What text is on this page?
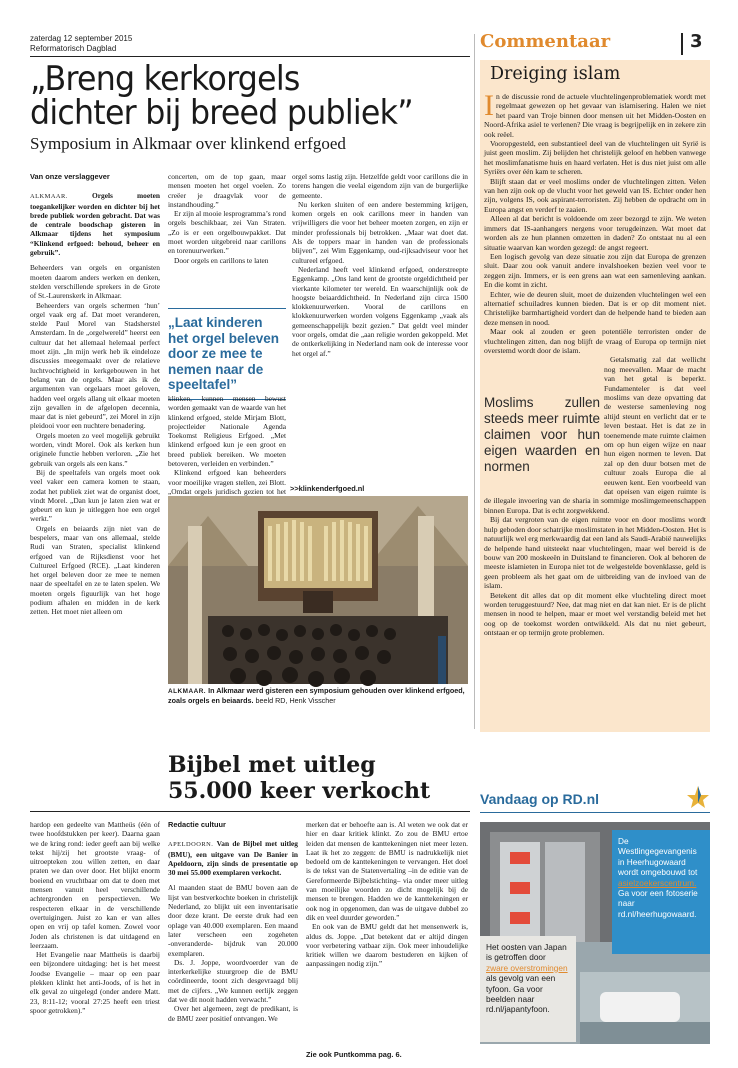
zaterdag 12 september 2015
Reformatorisch Dagblad
„Breng kerkorgels
dichter bij breed publiek”
Symposium in Alkmaar over klinkend erfgoed
Van onze verslaggever

ALKMAAR.	Orgels moeten toegankelijker worden en dichter bij het brede publiek worden gebracht. Dat was de centrale boodschap gisteren in Alkmaar tijdens het symposium “Klinkend erfgoed: behoud, beheer en gebruik”.

Beheerders van orgels en organisten moeten daarom anders werken en denken, stelden verschillende sprekers in de Grote of St.-Laurenskerk in Alkmaar.

Beheerders van orgels schermen ‘hun’ orgel vaak erg af. Dat moet veranderen, stelde Paul Morel van Stadsherstel Amsterdam. In de „orgelwereld” heerst een cultuur dat het allemaal helemaal perfect moet zijn. „In mijn werk heb ik eindeloze discussies meegemaakt over de relatieve luchtvochtigheid in kerkgebouwen in het belang van de orgels. Maar als ik de argumenten van orgelaars moet geloven, hadden veel orgels allang uit elkaar moeten zijn gevallen in de afgelopen decennia, maar dat is niet gebeurd”, zei Morel in zijn pleidooi voor een nuchtere benadering.

Orgels moeten zo veel mogelijk gebruikt worden, vindt Morel. Ook als kerken hun originele functie hebben verloren. „Zie het gebruik van orgels als een kans.”

Bij de speeltafels van orgels moet ook veel vaker een camera komen te staan, zodat het publiek ziet wat de organist doet, vindt Morel. „Dan kun je laten zien wat er gebeurt en kun je uitleggen hoe een orgel werkt.”

Orgels en beiaards zijn niet van de bespelers, maar van ons allemaal, stelde Rudi van Straten, specialist klinkend erfgoed van de Rijksdienst voor het Cultureel Erfgoed (RCE). „Laat kinderen het orgel beleven door ze mee te nemen naar de speeltafel en ze te laten spelen. We moeten orgels figuurlijk van het hoge podium afhalen en midden in de kerk zetten. Het moet niet alleen om

concerten, om de top gaan, maar mensen moeten het orgel voelen. Zo creëer je draagvlak voor de instandhouding.”

Er zijn al mooie lesprogramma’s rond orgels beschikbaar, zei Van Straten. „Zo is er een orgelbouwpakket. Dat moet worden uitgebreid naar carillons en torenuurwerken.”

Door orgels en carillons te laten

„Laat kinderen het orgel beleven door ze mee te nemen naar de speeltafel”

klinken, kunnen mensen bewust worden gemaakt van de waarde van het klinkend erfgoed, stelde Mirjam Blott, projectleider Nationale Agenda Toekomst Religieus Erfgoed. „Met klinkend erfgoed kun je een groot en breed publiek bereiken. We moeten betoveren, verleiden en verbinden.”

Klinkend erfgoed kan beheerders voor moeilijke vragen stellen, zei Blott. „Omdat orgels juridisch gezien tot het

orgel soms lastig zijn. Hetzelfde geldt voor carillons die in torens hangen die veelal eigendom zijn van de burgerlijke gemeente.

Nu kerken sluiten of een andere bestemming krijgen, komen orgels en ook carillons meer in handen van vrijwilligers die voor het beheer moeten zorgen, en zijn er minder professionals bij betrokken. „Maar wat doet dat. Als de toppers maar in handen van de professionals blijven”, zei Wim Eggenkamp, oud-rijksadviseur voor het cultureel erfgoed.

Nederland heeft veel klinkend erfgoed, onderstreepte Eggenkamp. „Ons land kent de grootste orgeldichtheid per vierkante kilometer ter wereld. En waarschijnlijk ook de hoogste beiaarddichtheid. In Nederland zijn circa 1500 klokkenuurwerken. Vooral de carillons en klokkenuurwerken worden volgens Eggenkamp „vaak als gemeenschappelijk bezit gezien.” Dat geldt veel minder voor orgels, omdat die „aan religie worden gekoppeld. Met de ontkerkelijking in Nederland nam ook de interesse voor het orgel af.”

>>klinkenderfgoed.nl
ALKMAAR. In Alkmaar werd gisteren een symposium gehouden over klinkend erfgoed, zoals orgels en beiaards. beeld RD, Henk Visscher
Commentaar	3
Dreiging islam

In de discussie rond de actuele vluchtelingenproblematiek wordt met regelmaat gewezen op het gevaar van islamisering. Halen we niet het paard van Troje binnen door mensen uit het Midden-Oosten en Noord-Afrika asiel te verlenen? Die vraag is begrijpelijk en in zekere zin ook reëel.

Vooropgesteld, een substantieel deel van de vluchtelingen uit Syrië is juist geen moslim. Zij belijden het christelijk geloof en hebben vanwege het moslimfanatisme huis en haard verlaten. Het is dus niet juist om alle Syriërs over één kam te scheren.

Blijft staan dat er veel moslims onder de vluchtelingen zitten. Velen van hen zijn ook op de vlucht voor het geweld van IS. Echter onder hen zijn, volgens IS, ook aspirant-terroristen. Zij hebben de opdracht om in Europa angst en verderf te zaaien.

Alleen al dat bericht is voldoende om zeer bezorgd te zijn. We weten immers dat IS-aanhangers nergens voor terugdeinzen. Wat moet dat worden als ze hun plannen omzetten in daden? Zo ontstaat nu al een situatie waarvan kan worden gezegd: de angst regeert.

Een logisch gevolg van deze situatie zou zijn dat Europa de grenzen sluit. Daar zou ook vanuit andere invalshoeken bezien veel voor te zeggen zijn. Immers, er is een grens aan wat een samenleving aankan. En die komt in zicht.

Echter, wie de deuren sluit, moet de duizenden vluchtelingen wel een alternatief schuiladres kunnen bieden. Dat is er op dit moment niet. Christelijke barmhartigheid vordert dan de helpende hand te bieden aan deze mensen in nood.

Maar ook al zouden er geen potentiële terroristen onder de vluchtelingen zitten, dan nog blijft de vraag of Europa op termijn niet overstemd wordt door de islam.

Moslims zullen steeds meer ruimte claimen voor hun eigen waarden en normen

Getalsmatig zal dat wellicht nog meevallen. Maar de macht van het getal is beperkt. Fundamenteler is dat veel moslims van deze opvatting dat de westerse samenleving nog altijd steunt en verlicht dat er te leven bestaat. Het is dat ze in toenemende mate ruimte claimen om op hun eigen wijze en naar hun eigen normen te leven. Dat zal op den duur botsen met de cultuur zoals Europa die al eeuwen kent. Een voorbeeld van dat opeisen van eigen ruimte is de illegale invoering van de sharia in sommige moslimgemeenschappen binnen Europa. Dat is echt zorgwekkend.

Bij dat vergroten van de eigen ruimte voor en door moslims wordt hulp geboden door schatrijke moslimstaten in het Midden-Oosten. Het is natuurlijk wel erg merkwaardig dat een land als Saudi-Arabië nauwelijks de helpende hand uitsteekt naar vluchtelingen, maar wel bereid is de bouw van 200 moskeeën in Duitsland te financieren. Ook al behoren de meeste islamieten in Europa niet tot de welgestelde bovenklasse, geld is geen probleem als het gaat om de uitbreiding van de invloed van de islam.

Betekent dit alles dat op dit moment elke vluchteling direct moet worden teruggestuurd? Nee, dat mag niet en dat kan niet. Er is de plicht mensen in nood te helpen, maar er moet wel verstandig beleid met het oog op de toekomst worden ontwikkeld. Als dat nu niet gebeurt, ontstaan er op termijn grote problemen.

Bijbel met uitleg
55.000 keer verkocht

hardop een gedeelte van Mattheüs (één of twee hoofdstukken per keer). Daarna gaan we de kring rond: ieder geeft aan bij welke tekst hij/zij het grootste vraag- of uitroepteken zou willen zetten, en daar praten we dan over door. Het blijkt enorm boeiend en vruchtbaar om dat te doen met mensen vanuit heel verschillende achtergronden en perspectieven. We respecteren elkaar in de verschillende overtuigingen. Juist zo kan er van alles open en vrij op tafel komen. Zowel voor Joden als christenen is dat uitdagend en leerzaam.

Het Evangelie naar Mattheüs is daarbij een bijzondere uitdaging: het is het meest Joodse Evangelie – maar op een paar plekken klinkt het anti-Joods, of is het in elk geval zo uitgelegd (onder andere Matt. 23, 8:11-12; vooral 27:25 heeft een triest spoor getrokken).”

Redactie cultuur

APELDOORN. Van de Bijbel met uitleg (BMU), een uitgave van De Banier in Apeldoorn, zijn sinds de presentatie op 30 mei 55.000 exemplaren verkocht.

Al maanden staat de BMU boven aan de lijst van bestverkochte boeken in christelijk Nederland, zo blijkt uit een inventarisatie door deze krant. De eerste druk had een oplage van 40.000 exemplaren. Een maand later verscheen een zogeheten ‑onveranderde‑ bijdruk van 20.000 exemplaren.

Ds. J. Joppe, woordvoerder van de interkerkelijke stuurgroep die de BMU coördineerde, toont zich desgevraagd blij met de cijfers. „We kunnen eerlijk zeggen dat we dit nooit hadden verwacht.”

Over het algemeen, zegt de predikant, is de BMU zeer positief ontvangen. We

merken dat er behoefte aan is. Al weten we ook dat er hier en daar kritiek klinkt. Zo zou de BMU ertoe leiden dat mensen de kanttekeningen niet meer lezen. Laat ik het zo zeggen: de BMU is nadrukkelijk niet bedoeld om de kanttekeningen te vervangen. Het doel is de tekst van de Statenvertaling –in de editie van de Gereformeerde Bijbelstichting– via onder meer uitleg van moeilijke woorden zo dicht mogelijk bij de mensen te brengen. Hadden we de kanttekeningen er ook nog in opgenomen, dan was de uitgave dubbel zo dik en veel duurder geworden.”

En ook van de BMU geldt dat het mensenwerk is, aldus ds. Joppe. „Dat betekent dat er altijd dingen voor verbetering vatbaar zijn. Ook meer inhoudelijke kritiek willen we daarom bestuderen en kijken of aanpassingen nodig zijn.”

Zie ook Puntkomma pag. 6.
Vandaag op RD.nl
De Westlingegevangenis in Heerhugowaard wordt omgebouwd tot asielzoekerscentrum. Ga voor een fotoserie naar rd.nl/heerhugowaard.
Het oosten van Japan is getroffen door zware overstromingen als gevolg van een tyfoon. Ga voor beelden naar rd.nl/japantyfoon.
